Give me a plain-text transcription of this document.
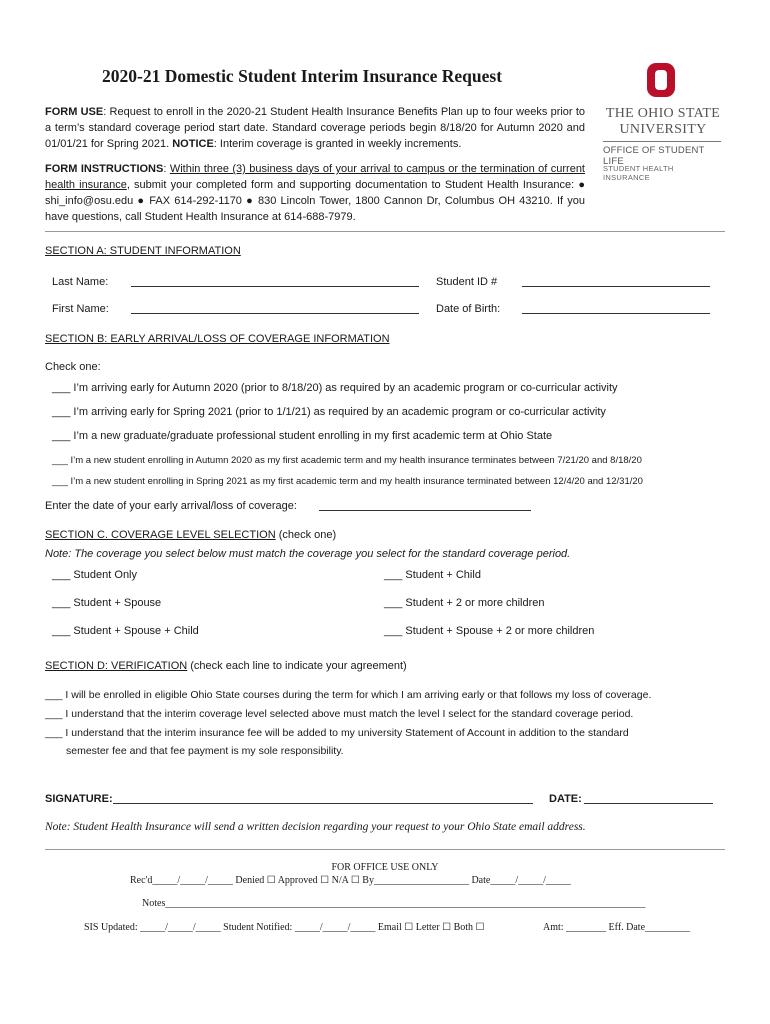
2020-21 Domestic Student Interim Insurance Request
THE OHIO STATE
UNIVERSITY
OFFICE OF STUDENT LIFE
STUDENT HEALTH INSURANCE
FORM USE: Request to enroll in the 2020-21 Student Health Insurance Benefits Plan up to four weeks prior to a term’s standard coverage period start date. Standard coverage periods begin 8/18/20 for Autumn 2020 and 01/01/21 for Spring 2021. NOTICE: Interim coverage is granted in weekly increments.
FORM INSTRUCTIONS: Within three (3) business days of your arrival to campus or the termination of current health insurance, submit your completed form and supporting documentation to Student Health Insurance: ● shi_info@osu.edu ● FAX 614-292-1170 ● 830 Lincoln Tower, 1800 Cannon Dr, Columbus OH 43210. If you have questions, call Student Health Insurance at 614-688-7979.
SECTION A: STUDENT INFORMATION
Last Name:	Student ID #
First Name:	Date of Birth:
SECTION B: EARLY ARRIVAL/LOSS OF COVERAGE INFORMATION
Check one:
___ I’m arriving early for Autumn 2020 (prior to 8/18/20) as required by an academic program or co-curricular activity
___ I’m arriving early for Spring 2021 (prior to 1/1/21) as required by an academic program or co-curricular activity
___ I’m a new graduate/graduate professional student enrolling in my first academic term at Ohio State
___ I’m a new student enrolling in Autumn 2020 as my first academic term and my health insurance terminates between 7/21/20 and 8/18/20
___ I’m a new student enrolling in Spring 2021 as my first academic term and my health insurance terminated between 12/4/20 and 12/31/20
Enter the date of your early arrival/loss of coverage:
SECTION C. COVERAGE LEVEL SELECTION (check one)
Note: The coverage you select below must match the coverage you select for the standard coverage period.
___ Student Only	___ Student + Child
___ Student + Spouse	___ Student + 2 or more children
___ Student + Spouse + Child	___ Student + Spouse + 2 or more children
SECTION D: VERIFICATION (check each line to indicate your agreement)
___ I will be enrolled in eligible Ohio State courses during the term for which I am arriving early or that follows my loss of coverage.
___ I understand that the interim coverage level selected above must match the level I select for the standard coverage period.
___ I understand that the interim insurance fee will be added to my university Statement of Account in addition to the standard
semester fee and that fee payment is my sole responsibility.
SIGNATURE:	DATE:
Note: Student Health Insurance will send a written decision regarding your request to your Ohio State email address.
FOR OFFICE USE ONLY
Rec'd_____/_____/_____ Denied ☐ Approved ☐ N/A ☐ By___________________ Date_____/_____/_____
Notes________________________________________________________________________________________________
SIS Updated: _____/_____/_____ Student Notified: _____/_____/_____ Email ☐ Letter ☐ Both ☐	Amt: ________ Eff. Date_________
